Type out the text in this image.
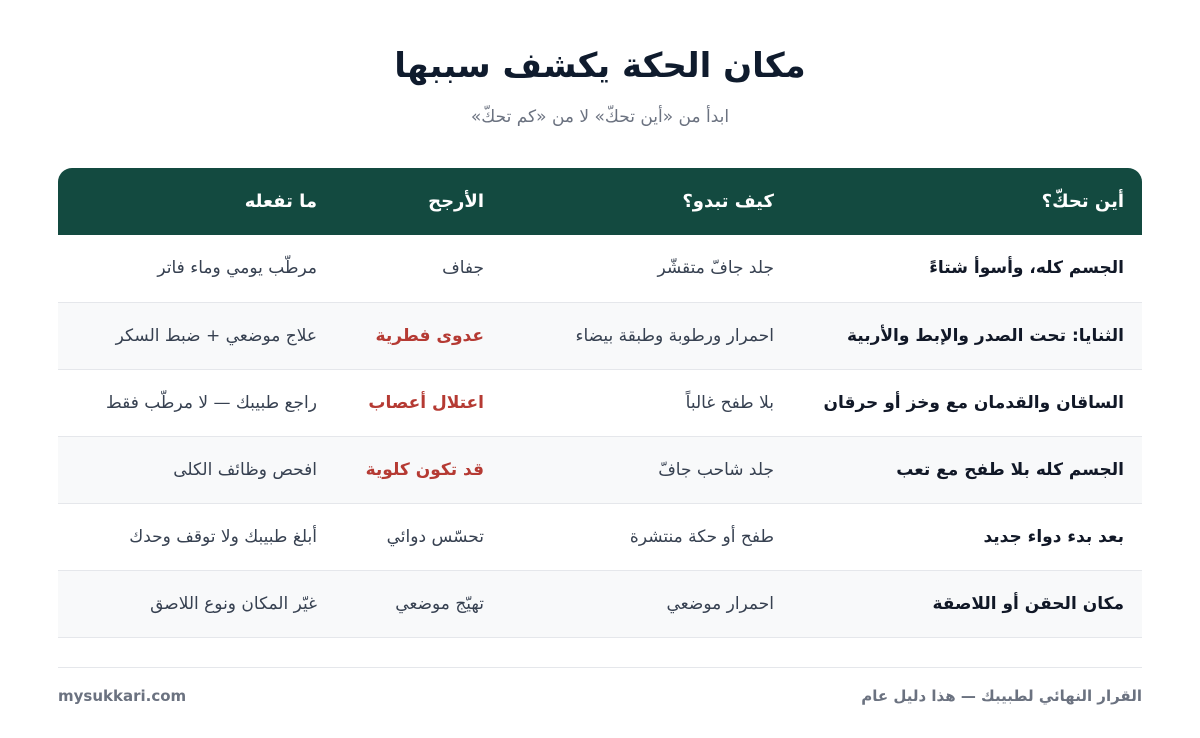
مكان الحكة يكشف سببها

ابدأ من «أين تحكّ» لا من «كم تحكّ»

أين تحكّ؟	كيف تبدو؟	الأرجح	ما تفعله
الجسم كله، وأسوأ شتاءً	جلد جافّ متقشّر	جفاف	مرطّب يومي وماء فاتر
الثنايا: تحت الصدر والإبط والأربية	احمرار ورطوبة وطبقة بيضاء	عدوى فطرية	علاج موضعي + ضبط السكر
الساقان والقدمان مع وخز أو حرقان	بلا طفح غالباً	اعتلال أعصاب	راجع طبيبك — لا مرطّب فقط
الجسم كله بلا طفح مع تعب	جلد شاحب جافّ	قد تكون كلوية	افحص وظائف الكلى
بعد بدء دواء جديد	طفح أو حكة منتشرة	تحسّس دوائي	أبلغ طبيبك ولا توقف وحدك
مكان الحقن أو اللاصقة	احمرار موضعي	تهيّج موضعي	غيّر المكان ونوع اللاصق
القرار النهائي لطبيبك — هذا دليل عام
mysukkari.com
